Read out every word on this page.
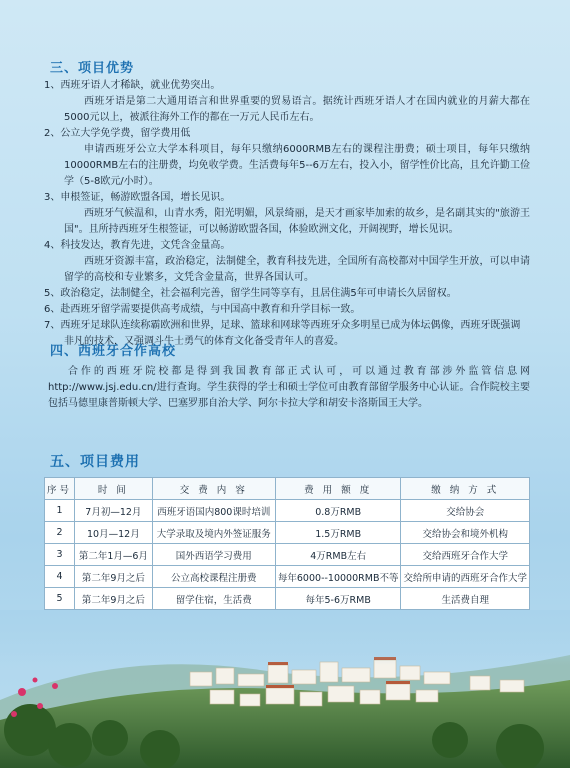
三、项目优势

1、西班牙语人才稀缺，就业优势突出。

西班牙语是第二大通用语言和世界重要的贸易语言。据统计西班牙语人才在国内就业的月薪大都在5000元以上，被派往海外工作的都在一万元人民币左右。

2、公立大学免学费，留学费用低

申请西班牙公立大学本科项目，每年只缴纳6000RMB左右的课程注册费；硕士项目，每年只缴纳10000RMB左右的注册费，均免收学费。生活费每年5--6万左右，投入小，留学性价比高，且允许勤工俭学（5-8欧元/小时）。

3、申根签证，畅游欧盟各国，增长见识。

西班牙气候温和，山青水秀，阳光明媚，风景绮丽，是天才画家毕加索的故乡，是名副其实的"旅游王国"。且所持西班牙生根签证，可以畅游欧盟各国，体验欧洲文化，开阔视野，增长见识。

4、科技发达，教育先进，文凭含金量高。

西班牙资源丰富，政治稳定，法制健全，教育科技先进，全国所有高校都对中国学生开放，可以申请留学的高校和专业繁多，文凭含金量高，世界各国认可。

5、政治稳定，法制健全，社会福利完善，留学生同等享有，且居住满5年可申请长久居留权。

6、赴西班牙留学需要提供高考成绩，与中国高中教育和升学目标一致。

7、西班牙足球队连续称霸欧洲和世界，足球、篮球和网球等西班牙众多明星已成为体坛偶像，西班牙既强调非凡的技术，又强调斗牛士勇气的体育文化备受青年人的喜爱。

四、西班牙合作高校
合作的西班牙院校都是得到我国教育部正式认可，可以通过教育部涉外监管信息网http://www.jsj.edu.cn/进行查询。学生获得的学士和硕士学位可由教育部留学服务中心认证。合作院校主要包括马德里康普斯顿大学、巴塞罗那自治大学、阿尔卡拉大学和胡安卡洛斯国王大学。
五、项目费用
序号	时 间	交 费 内 容	费 用 额 度	缴 纳 方 式
1	7月初—12月	西班牙语国内800课时培训	0.8万RMB	交给协会
2	10月—12月	大学录取及境内外签证服务	1.5万RMB	交给协会和境外机构
3	第二年1月—6月	国外西语学习费用	4万RMB左右	交给西班牙合作大学
4	第二年9月之后	公立高校课程注册费	每年6000--10000RMB不等	交给所申请的西班牙合作大学
5	第二年9月之后	留学住宿，生活费	每年5-6万RMB	生活费自理
